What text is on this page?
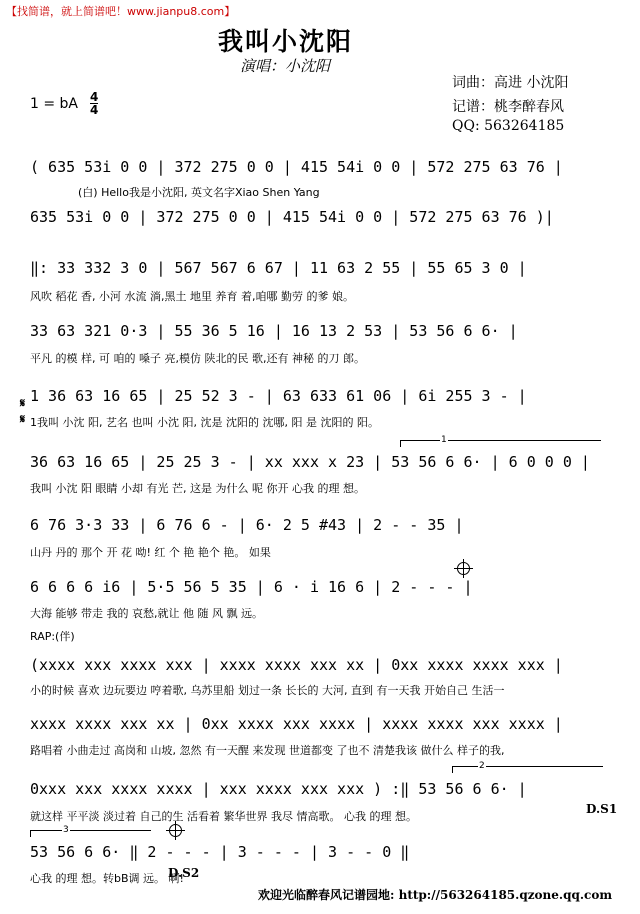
【找简谱，就上简谱吧！www.jianpu8.com】
我叫小沈阳
演唱：小沈阳
词曲：高进 小沈阳
记谱：桃李醉春风
QQ: 563264185
1 = bA 4
4
( 635 53i 0 0 | 372 275 0 0 | 415 54i 0 0 | 572 275 63 76 |
(白) Hello我是小沈阳, 英文名字Xiao Shen Yang
635 53i 0 0 | 372 275 0 0 | 415 54i 0 0 | 572 275 63 76 )|
‖: 33 332 3 0 | 567 567 6 67 | 11 63 2 55 | 55 65 3 0 |
风吹 稻花 香, 小河 水流 淌,黑土 地里 养育 着,咱哪 勤劳 的爹 娘。
33 63 321 0·3 | 55 36 5 16 | 16 13 2 53 | 53 56 6 6· |
平凡 的模 样, 可 咱的 嗓子 亮,模仿 陕北的民 歌,还有 神秘 的刀 郎。
𝄋
𝄋
1 36 63 16 65 | 25 52 3 - | 63 633 61 06 | 6i 255 3 - |
1我叫 小沈 阳, 艺名 也叫 小沈 阳, 沈是 沈阳的 沈哪, 阳 是 沈阳的 阳。
1
36 63 16 65 | 25 25 3 - | xx xxx x 23 | 53 56 6 6· | 6 0 0 0 |
我叫 小沈 阳 眼睛 小却 有光 芒, 这是 为什么 呢 你开 心我 的理 想。
6 76 3·3 33 | 6 76 6 - | 6· 2 5 #43 | 2 - - 35 |
山丹 丹的 那个 开 花 呦! 红 个 艳 艳个 艳。 如果
6 6 6 6 i6 | 5·5 56 5 35 | 6 · i 16 6 | 2 - - - |
大海 能够 带走 我的 哀愁,就让 他 随 风 飘 远。
RAP:(伴)
(xxxx xxx xxxx xxx | xxxx xxxx xxx xx | 0xx xxxx xxxx xxx |
小的时候 喜欢 边玩要边 哼着歌, 乌苏里船 划过一条 长长的 大河, 直到 有一天我 开始自己 生活一
xxxx xxxx xxx xx | 0xx xxxx xxx xxxx | xxxx xxxx xxx xxxx |
路唱着 小曲走过 高岗和 山坡, 忽然 有一天醒 来发现 世道都变 了也不 清楚我该 做什么 样子的我,
2
0xxx xxx xxxx xxxx | xxx xxxx xxx xxx ) :‖ 53 56 6 6· |
D.S1
就这样 平平淡 淡过着 自己的生 活看着 繁华世界 我尽 情高歌。 心我 的理 想。
3
53 56 6 6· ‖ 2 - - - | 3 - - - | 3 - - 0 ‖
心我 的理 想。转bB调 远。 啊!
D.S2
欢迎光临醉春风记谱园地: http://563264185.qzone.qq.com
